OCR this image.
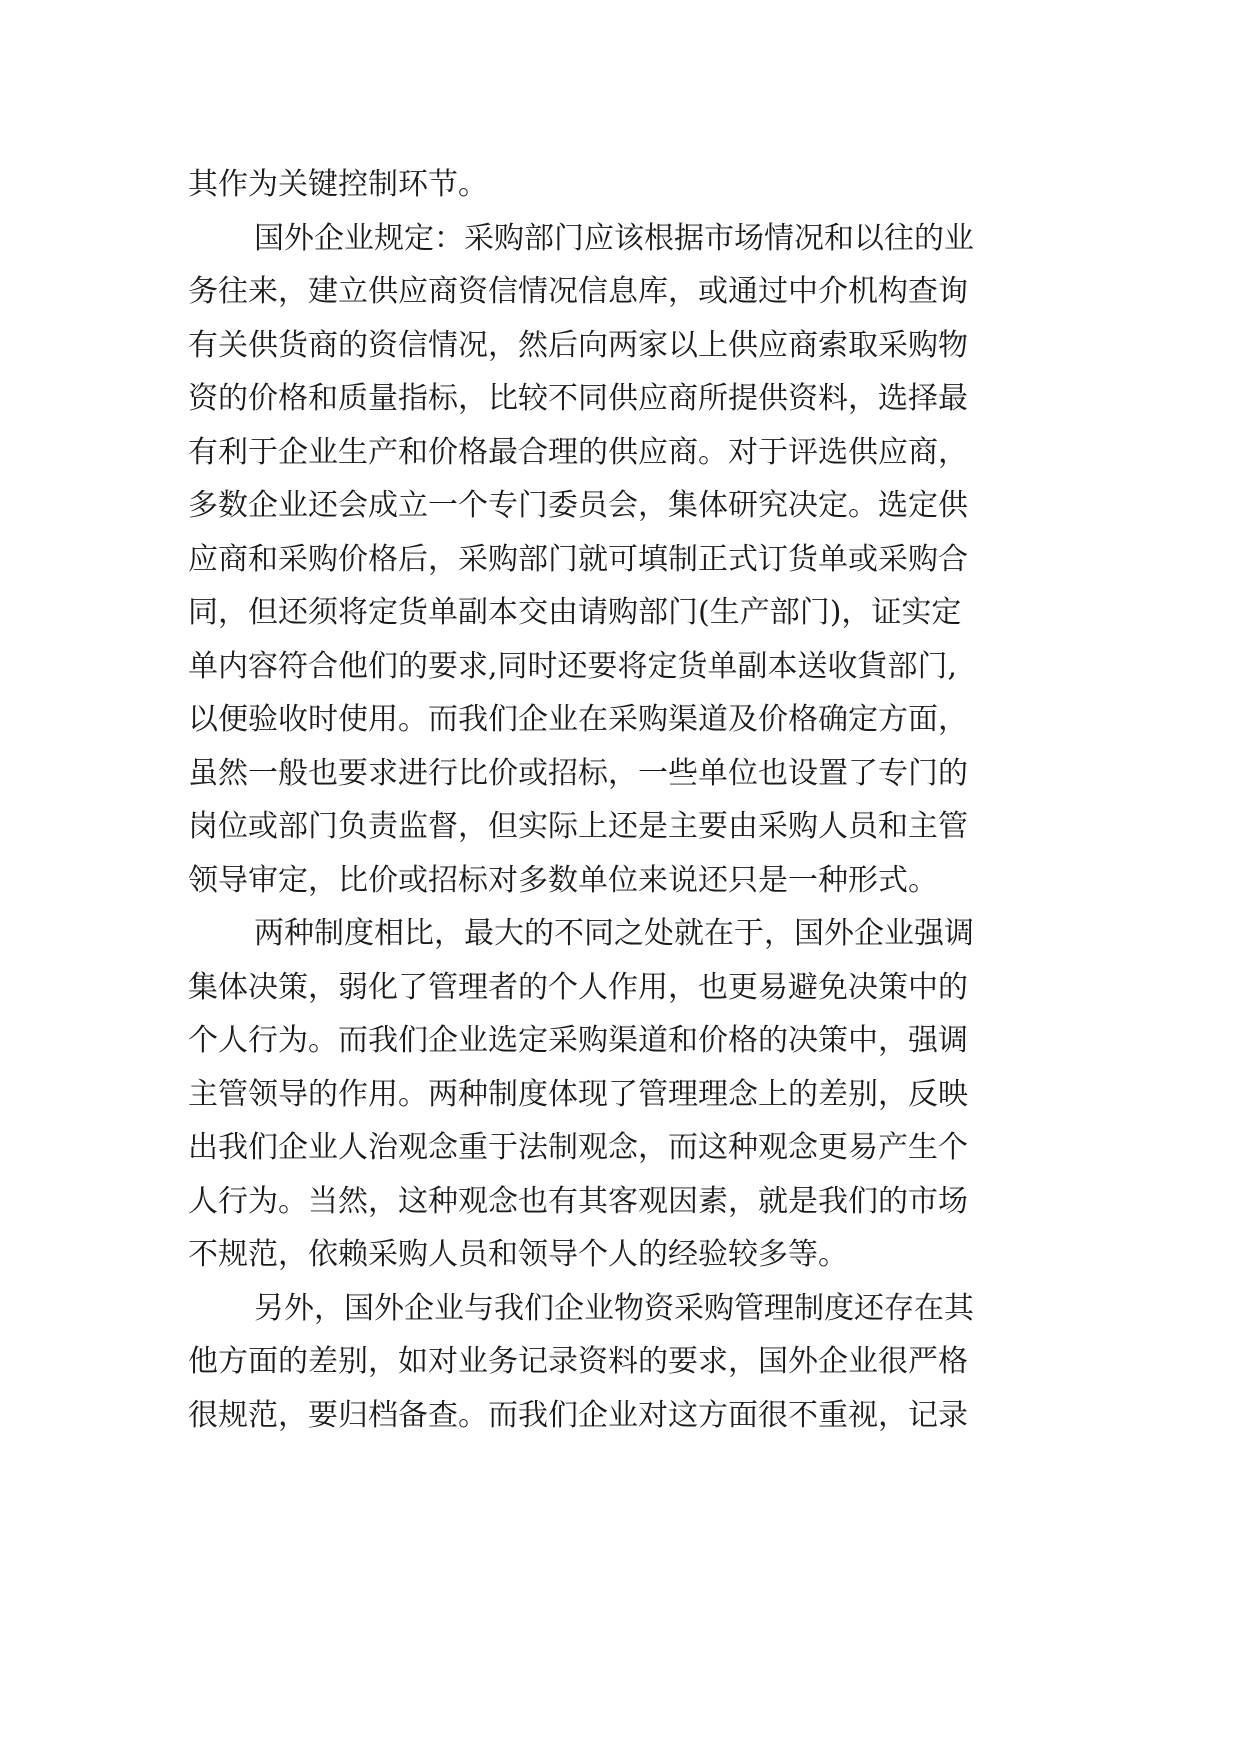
其作为关键控制环节。
国外企业规定：采购部门应该根据市场情况和以往的业
务往来，建立供应商资信情况信息库，或通过中介机构查询
有关供货商的资信情况，然后向两家以上供应商索取采购物
资的价格和质量指标，比较不同供应商所提供资料，选择最
有利于企业生产和价格最合理的供应商。对于评选供应商，
多数企业还会成立一个专门委员会，集体研究决定。选定供
应商和采购价格后，采购部门就可填制正式订货单或采购合
同，但还须将定货单副本交由请购部门(生产部门)，证实定
单内容符合他们的要求,同时还要将定货单副本送收貨部门,
以便验收时使用。而我们企业在采购渠道及价格确定方面，
虽然一般也要求进行比价或招标，一些单位也设置了专门的
岗位或部门负责监督，但实际上还是主要由采购人员和主管
领导审定，比价或招标对多数单位来说还只是一种形式。
两种制度相比，最大的不同之处就在于，国外企业强调
集体决策，弱化了管理者的个人作用，也更易避免决策中的
个人行为。而我们企业选定采购渠道和价格的决策中，强调
主管领导的作用。两种制度体现了管理理念上的差别，反映
出我们企业人治观念重于法制观念，而这种观念更易产生个
人行为。当然，这种观念也有其客观因素，就是我们的市场
不规范，依赖采购人员和领导个人的经验较多等。
另外，国外企业与我们企业物资采购管理制度还存在其
他方面的差别，如对业务记录资料的要求，国外企业很严格
很规范，要归档备查。而我们企业对这方面很不重视，记录
